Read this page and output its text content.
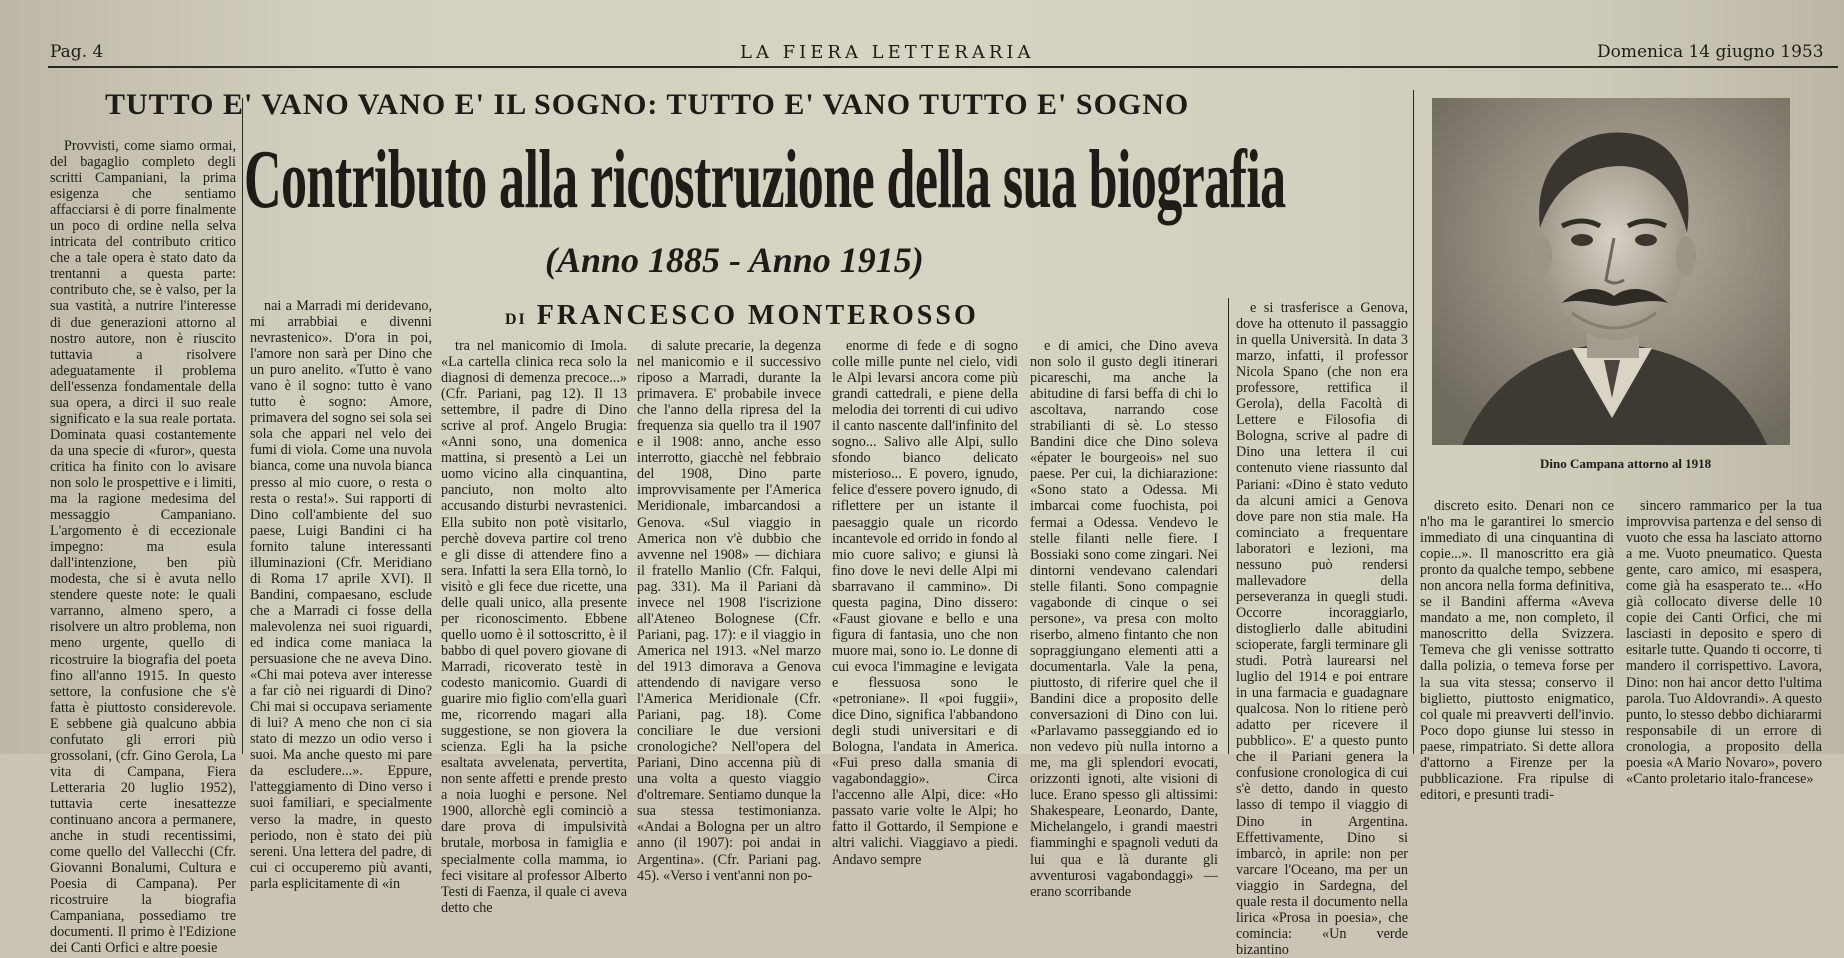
Pag. 4	LA FIERA LETTERARIA	Domenica 14 giugno 1953
TUTTO E' VANO VANO E' IL SOGNO: TUTTO E' VANO TUTTO E' SOGNO
Contributo alla ricostruzione della sua biografia
(Anno 1885 - Anno 1915)
DI FRANCESCO MONTEROSSO
Provvisti, come siamo ormai, del bagaglio completo degli scritti Campaniani, la prima esigenza che sentiamo affacciarsi è di porre finalmente un poco di ordine nella selva intricata del contributo critico che a tale opera è stato dato da trentanni a questa parte: contributo che, se è valso, per la sua vastità, a nutrire l'interesse di due generazioni attorno al nostro autore, non è riuscito tuttavia a risolvere adeguatamente il problema dell'essenza fondamentale della sua opera, a dirci il suo reale significato e la sua reale portata. Dominata quasi costantemente da una specie di «furor», questa critica ha finito con lo avisare non solo le prospettive e i limiti, ma la ragione medesima del messaggio Campaniano. L'argomento è di eccezionale impegno: ma esula dall'intenzione, ben più modesta, che si è avuta nello stendere queste note: le quali varranno, almeno spero, a risolvere un altro problema, non meno urgente, quello di ricostruire la biografia del poeta fino all'anno 1915. In questo settore, la confusione che s'è fatta è piuttosto considerevole. E sebbene già qualcuno abbia confutato gli errori più grossolani, (cfr. Gino Gerola, La vita di Campana, Fiera Letteraria 20 luglio 1952), tuttavia certe inesattezze continuano ancora a permanere, anche in studi recentissimi, come quello del Vallecchi (Cfr. Giovanni Bonalumi, Cultura e Poesia di Campana). Per ricostruire la biografia Campaniana, possediamo tre documenti. Il primo è l'Edizione dei Canti Orfici e altre poesie
nai a Marradi mi deridevano, mi arrabbiai e divenni nevrastenico». D'ora in poi, l'amore non sarà per Dino che un puro anelito. «Tutto è vano vano è il sogno: tutto è vano tutto è sogno: Amore, primavera del sogno sei sola sei sola che appari nel velo dei fumi di viola. Come una nuvola bianca, come una nuvola bianca presso al mio cuore, o resta o resta o resta!». Sui rapporti di Dino coll'ambiente del suo paese, Luigi Bandini ci ha fornito talune interessanti illuminazioni (Cfr. Meridiano di Roma 17 aprile XVI). Il Bandini, compaesano, esclude che a Marradi ci fosse della malevolenza nei suoi riguardi, ed indica come maniaca la persuasione che ne aveva Dino. «Chi mai poteva aver interesse a far ciò nei riguardi di Dino? Chi mai si occupava seriamente di lui? A meno che non ci sia stato di mezzo un odio verso i suoi. Ma anche questo mi pare da escludere...». Eppure, l'atteggiamento di Dino verso i suoi familiari, e specialmente verso la madre, in questo periodo, non è stato dei più sereni. Una lettera del padre, di cui ci occuperemo più avanti, parla esplicitamente di «in
tra nel manicomio di Imola. «La cartella clinica reca solo la diagnosi di demenza precoce...» (Cfr. Pariani, pag 12). Il 13 settembre, il padre di Dino scrive al prof. Angelo Brugia: «Anni sono, una domenica mattina, si presentò a Lei un uomo vicino alla cinquantina, panciuto, non molto alto accusando disturbi nevrastenici. Ella subito non potè visitarlo, perchè doveva partire col treno e gli disse di attendere fino a sera. Infatti la sera Ella tornò, lo visitò e gli fece due ricette, una delle quali unico, alla presente per riconoscimento. Ebbene quello uomo è il sottoscritto, è il babbo di quel povero giovane di Marradi, ricoverato testè in codesto manicomio. Guardi di guarire mio figlio com'ella guarì me, ricorrendo magari alla suggestione, se non giovera la scienza. Egli ha la psiche esaltata avvelenata, pervertita, non sente affetti e prende presto a noia luoghi e persone. Nel 1900, allorchè egli cominciò a dare prova di impulsività brutale, morbosa in famiglia e specialmente colla mamma, io feci visitare al professor Alberto Testi di Faenza, il quale ci aveva detto che
di salute precarie, la degenza nel manicomio e il successivo riposo a Marradi, durante la primavera. E' probabile invece che l'anno della ripresa del la frequenza sia quello tra il 1907 e il 1908: anno, anche esso interrotto, giacchè nel febbraio del 1908, Dino parte improvvisamente per l'America Meridionale, imbarcandosi a Genova. «Sul viaggio in America non v'è dubbio che avvenne nel 1908» — dichiara il fratello Manlio (Cfr. Falqui, pag. 331). Ma il Pariani dà invece nel 1908 l'iscrizione all'Ateneo Bolognese (Cfr. Pariani, pag. 17): e il viaggio in America nel 1913. «Nel marzo del 1913 dimorava a Genova attendendo di navigare verso l'America Meridionale (Cfr. Pariani, pag. 18). Come conciliare le due versioni cronologiche? Nell'opera del Pariani, Dino accenna più di una volta a questo viaggio d'oltremare. Sentiamo dunque la sua stessa testimonianza. «Andai a Bologna per un altro anno (il 1907): poi andai in Argentina». (Cfr. Pariani pag. 45). «Verso i vent'anni non po-
enorme di fede e di sogno colle mille punte nel cielo, vidi le Alpi levarsi ancora come più grandi cattedrali, e piene della melodia dei torrenti di cui udivo il canto nascente dall'infinito del sogno... Salivo alle Alpi, sullo sfondo bianco delicato misterioso... E povero, ignudo, felice d'essere povero ignudo, di riflettere per un istante il paesaggio quale un ricordo incantevole ed orrido in fondo al mio cuore salivo; e giunsi là fino dove le nevi delle Alpi mi sbarravano il cammino». Di questa pagina, Dino dissero: «Faust giovane e bello e una figura di fantasia, uno che non muore mai, sono io. Le donne di cui evoca l'immagine e levigata e flessuosa sono le «petroniane». Il «poi fuggii», dice Dino, significa l'abbandono degli studi universitari e di Bologna, l'andata in America. «Fui preso dalla smania di vagabondaggio». Circa l'accenno alle Alpi, dice: «Ho passato varie volte le Alpi; ho fatto il Gottardo, il Sempione e altri valichi. Viaggiavo a piedi. Andavo sempre
e di amici, che Dino aveva non solo il gusto degli itinerari picareschi, ma anche la abitudine di farsi beffa di chi lo ascoltava, narrando cose strabilianti di sè. Lo stesso Bandini dice che Dino soleva «épater le bourgeois» nel suo paese. Per cui, la dichiarazione: «Sono stato a Odessa. Mi imbarcai come fuochista, poi fermai a Odessa. Vendevo le stelle filanti nelle fiere. I Bossiaki sono come zingari. Nei dintorni vendevano calendari stelle filanti. Sono compagnie vagabonde di cinque o sei persone», va presa con molto riserbo, almeno fintanto che non sopraggiungano elementi atti a documentarla. Vale la pena, piuttosto, di riferire quel che il Bandini dice a proposito delle conversazioni di Dino con lui. «Parlavamo passeggiando ed io non vedevo più nulla intorno a me, ma gli splendori evocati, orizzonti ignoti, alte visioni di luce. Erano spesso gli altissimi: Shakespeare, Leonardo, Dante, Michelangelo, i grandi maestri fiamminghi e spagnoli veduti da lui qua e là durante gli avventurosi vagabondaggi» — erano scorribande
e si trasferisce a Genova, dove ha ottenuto il passaggio in quella Università. In data 3 marzo, infatti, il professor Nicola Spano (che non era professore, rettifica il Gerola), della Facoltà di Lettere e Filosofia di Bologna, scrive al padre di Dino una lettera il cui contenuto viene riassunto dal Pariani: «Dino è stato veduto da alcuni amici a Genova dove pare non stia male. Ha cominciato a frequentare laboratori e lezioni, ma nessuno può rendersi mallevadore della perseveranza in quegli studi. Occorre incoraggiarlo, distoglierlo dalle abitudini scioperate, fargli terminare gli studi. Potrà laurearsi nel luglio del 1914 e poi entrare in una farmacia e guadagnare qualcosa. Non lo ritiene però adatto per ricevere il pubblico». E' a questo punto che il Pariani genera la confusione cronologica di cui s'è detto, dando in questo lasso di tempo il viaggio di Dino in Argentina. Effettivamente, Dino si imbarcò, in aprile: non per varcare l'Oceano, ma per un viaggio in Sardegna, del quale resta il documento nella lirica «Prosa in poesia», che comincia: «Un verde bizantino
discreto esito. Denari non ce n'ho ma le garantirei lo smercio immediato di una cinquantina di copie...». Il manoscritto era già pronto da qualche tempo, sebbene non ancora nella forma definitiva, se il Bandini afferma «Aveva mandato a me, non completo, il manoscritto della Svizzera. Temeva che gli venisse sottratto dalla polizia, o temeva forse per la sua vita stessa; conservo il biglietto, piuttosto enigmatico, col quale mi preavverti dell'invio. Poco dopo giunse lui stesso in paese, rimpatriato. Si dette allora d'attorno a Firenze per la pubblicazione. Fra ripulse di editori, e presunti tradi-
sincero rammarico per la tua improvvisa partenza e del senso di vuoto che essa ha lasciato attorno a me. Vuoto pneumatico. Questa gente, caro amico, mi esaspera, come già ha esasperato te... «Ho già collocato diverse delle 10 copie dei Canti Orfici, che mi lasciasti in deposito e spero di esitarle tutte. Quando ti occorre, ti mandero il corrispettivo. Lavora, Dino: non hai ancor detto l'ultima parola. Tuo Aldovrandi». A questo punto, lo stesso debbo dichiararmi responsabile di un errore di cronologia, a proposito della poesia «A Mario Novaro», povero «Canto proletario italo-francese»
Dino Campana attorno al 1918
